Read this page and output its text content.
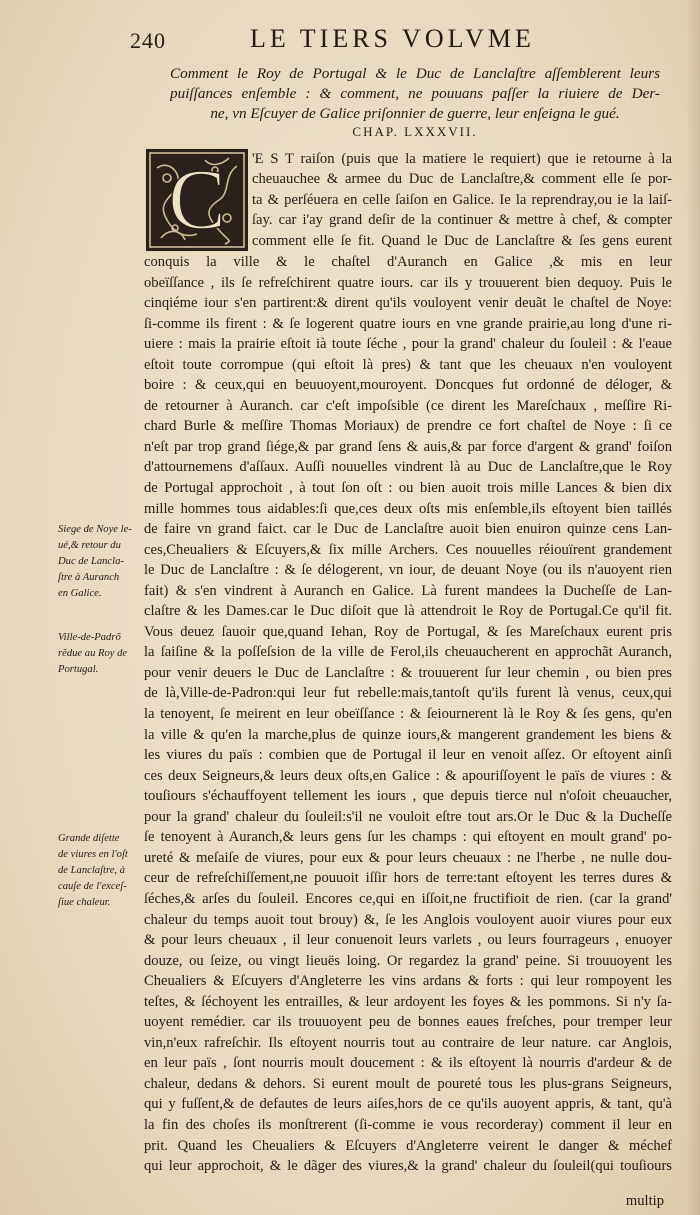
240	LE TIERS VOLVME
Comment le Roy de Portugal & le Duc de Lanclaſtre aſſemblerent leurs
puiſſances enſemble : & comment, ne pouuans paſſer la riuiere de Der-
ne, vn Eſcuyer de Galice priſonnier de guerre, leur enſeigna le gué.
CHAP. LXXXVII.
C 'E S T raiſon (puis que la matiere le requiert) que ie retourne à la
cheuauchee & armee du Duc de Lanclaſtre,& comment elle ſe por-
ta & perſéuera en celle ſaiſon en Galice. Ie la reprendray,ou ie la laiſ-
ſay. car i'ay grand deſir de la continuer & mettre à chef, & compter
comment elle ſe fit. Quand le Duc de Lanclaſtre & ſes gens eurent
conquis la ville & le chaſtel d'Auranch en Galice ,& mis en leur
obeïſſance , ils ſe refreſchirent quatre iours. car ils y trouuerent bien dequoy. Puis le
cinqiéme iour s'en partirent:& dirent qu'ils vouloyent venir deuãt le chaſtel de Noye:
ſi-comme ils firent : & ſe logerent quatre iours en vne grande prairie,au long d'une ri-
uiere : mais la prairie eſtoit ià toute ſéche , pour la grand' chaleur du ſouleil : & l'eaue
eſtoit toute corrompue (qui eſtoit là pres) & tant que les cheuaux n'en vouloyent
boire : & ceux,qui en beuuoyent,mouroyent. Doncques fut ordonné de déloger, &
de retourner à Auranch. car c'eſt impoſsible (ce dirent les Mareſchaux , meſſire Ri-
chard Burle & meſſire Thomas Moriaux) de prendre ce fort chaſtel de Noye : ſi ce
n'eſt par trop grand ſiége,& par grand ſens & auis,& par force d'argent & grand' foiſon
d'attournemens d'aſſaux. Auſſi nouuelles vindrent là au Duc de Lanclaſtre,que le Roy
de Portugal approchoit , à tout ſon oſt : ou bien auoit trois mille Lances & bien dix
mille hommes tous aidables:ſi que,ces deux oſts mis enſemble,ils eſtoyent bien taillés
de faire vn grand faict. car le Duc de Lanclaſtre auoit bien enuiron quinze cens Lan-
ces,Cheualiers & Eſcuyers,& ſix mille Archers. Ces nouuelles réiouïrent grandement
le Duc de Lanclaſtre : & ſe délogerent, vn iour, de deuant Noye (ou ils n'auoyent rien
fait) & s'en vindrent à Auranch en Galice. Là furent mandees la Ducheſſe de Lan-
claſtre & les Dames.car le Duc diſoit que là attendroit le Roy de Portugal.Ce qu'il fit.
Vous deuez ſauoir que,quand Iehan, Roy de Portugal, & ſes Mareſchaux eurent pris
la ſaiſine & la poſſeſsion de la ville de Ferol,ils cheuaucherent en approchãt Auranch,
pour venir deuers le Duc de Lanclaſtre : & trouuerent ſur leur chemin , ou bien pres
de là,Ville-de-Padron:qui leur fut rebelle:mais,tantoſt qu'ils furent là venus, ceux,qui
la tenoyent, ſe meirent en leur obeïſſance : & ſeiournerent là le Roy & ſes gens, qu'en
la ville & qu'en la marche,plus de quinze iours,& mangerent grandement les biens &
les viures du païs : combien que de Portugal il leur en venoit aſſez. Or eſtoyent ainſi
ces deux Seigneurs,& leurs deux oſts,en Galice : & apouriſſoyent le païs de viures : &
touſiours s'échauffoyent tellement les iours , que depuis tierce nul n'oſoit cheuaucher,
pour la grand' chaleur du ſouleil:s'il ne vouloit eſtre tout ars.Or le Duc & la Ducheſſe
ſe tenoyent à Auranch,& leurs gens ſur les champs : qui eſtoyent en moult grand' po-
ureté & meſaiſe de viures, pour eux & pour leurs cheuaux : ne l'herbe , ne nulle dou-
ceur de refreſchiſſement,ne pouuoit iſſir hors de terre:tant eſtoyent les terres dures &
ſéches,& arſes du ſouleil. Encores ce,qui en iſſoit,ne fructifioit de rien. (car la grand'
chaleur du temps auoit tout brouy) &, ſe les Anglois vouloyent auoir viures pour eux
& pour leurs cheuaux , il leur conuenoit leurs varlets , ou leurs fourrageurs , enuoyer
douze, ou ſeize, ou vingt lieuës loing. Or regardez la grand' peine. Si trouuoyent les
Cheualiers & Eſcuyers d'Angleterre les vins ardans & forts : qui leur rompoyent les
teſtes, & ſéchoyent les entrailles, & leur ardoyent les foyes & les pommons. Si n'y ſa-
uoyent remédier. car ils trouuoyent peu de bonnes eaues freſches, pour tremper leur
vin,n'eux rafreſchir. Ils eſtoyent nourris tout au contraire de leur nature. car Anglois,
en leur païs , ſont nourris moult doucement : & ils eſtoyent là nourris d'ardeur & de
chaleur, dedans & dehors. Si eurent moult de poureté tous les plus-grans Seigneurs,
qui y fuſſent,& de defautes de leurs aiſes,hors de ce qu'ils auoyent appris, & tant, qu'à
la fin des choſes ils monſtrerent (ſi-comme ie vous recorderay) comment il leur en
prit. Quand les Cheualiers & Eſcuyers d'Angleterre veirent le danger & méchef
qui leur approchoit, & le dãger des viures,& la grand' chaleur du ſouleil(qui touſiours
Siege de Noye le-
ué,& retour du
Duc de Lancla-
ſtre à Auranch
en Galice.
Ville-de-Padrõ
rẽdue au Roy de
Portugal.
Grande diſette
de viures en l'oſt
de Lanclaſtre, à
cauſe de l'exceſ-
ſiue chaleur.
multip
